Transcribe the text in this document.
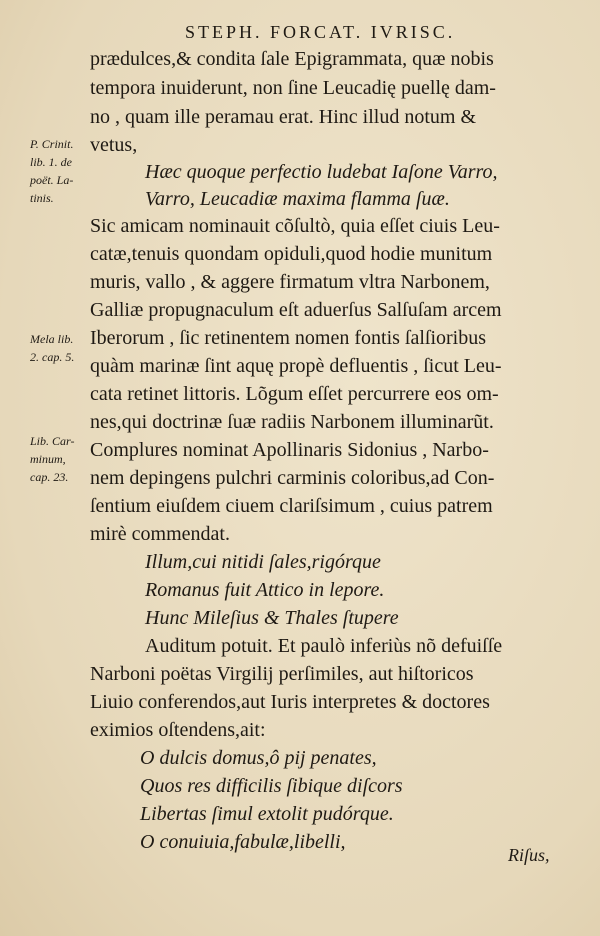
STEPH. FORCAT. IVRISC.
prædulces,& condita ſale Epigrammata, quæ nobis
tempora inuiderunt, non ſine Leucadię puellę dam-
no , quam ille peramau erat. Hinc illud notum &
vetus,
Hæc quoque perfectio ludebat Iaſone Varro,
Varro, Leucadiæ maxima flamma ſuæ.
Sic amicam nominauit cõſultò, quia eſſet ciuis Leu-
catæ,tenuis quondam opiduli,quod hodie munitum
muris, vallo , & aggere firmatum vltra Narbonem,
Galliæ propugnaculum eſt aduerſus Salſuſam arcem
Iberorum , ſic retinentem nomen fontis ſalſioribus
quàm marinæ ſint aquę propè defluentis , ſicut Leu-
cata retinet littoris. Lõgum eſſet percurrere eos om-
nes,qui doctrinæ ſuæ radiis Narbonem illuminarũt.
Complures nominat Apollinaris Sidonius , Narbo-
nem depingens pulchri carminis coloribus,ad Con-
ſentium eiuſdem ciuem clariſsimum , cuius patrem
mirè commendat.
Illum,cui nitidi ſales,rigórque
Romanus fuit Attico in lepore.
Hunc Mileſius & Thales ſtupere
Auditum potuit. Et paulò inferiùs nõ defuiſſe
Narboni poëtas Virgilij perſimiles, aut hiſtoricos
Liuio conferendos,aut Iuris interpretes & doctores
eximios oſtendens,ait:
O dulcis domus,ô pij penates,
Quos res difficilis ſibique diſcors
Libertas ſimul extolit pudórque.
O conuiuia,fabulæ,libelli,
P. Crinit.
lib. 1. de
poët. La-
tinis.
Mela lib.
2. cap. 5.
Lib. Car-
minum,
cap. 23.
Riſus,
